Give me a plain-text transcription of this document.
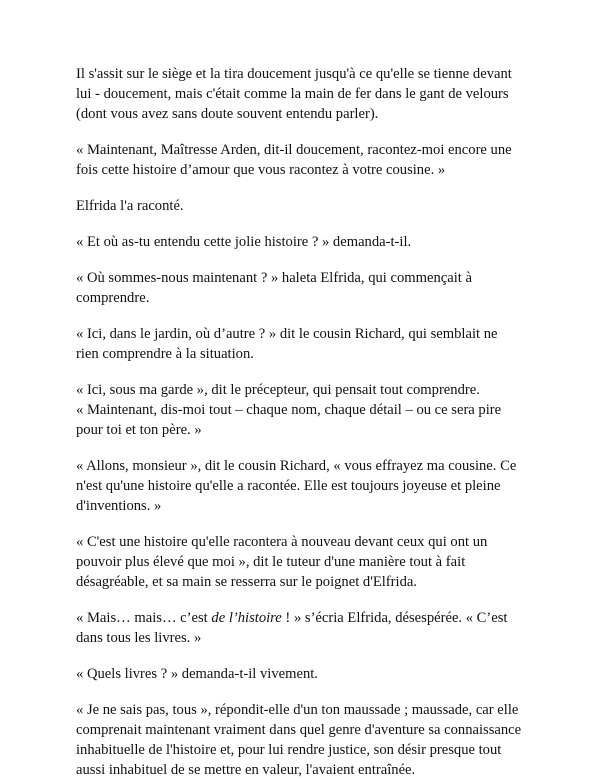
Il s'assit sur le siège et la tira doucement jusqu'à ce qu'elle se tienne devant
lui - doucement, mais c'était comme la main de fer dans le gant de velours
(dont vous avez sans doute souvent entendu parler).

« Maintenant, Maîtresse Arden, dit-il doucement, racontez-moi encore une
fois cette histoire d’amour que vous racontez à votre cousine. »

Elfrida l'a raconté.

« Et où as-tu entendu cette jolie histoire ? » demanda-t-il.

« Où sommes-nous maintenant ? » haleta Elfrida, qui commençait à
comprendre.

« Ici, dans le jardin, où d’autre ? » dit le cousin Richard, qui semblait ne
rien comprendre à la situation.

« Ici, sous ma garde », dit le précepteur, qui pensait tout comprendre.
« Maintenant, dis-moi tout – chaque nom, chaque détail – ou ce sera pire
pour toi et ton père. »

« Allons, monsieur », dit le cousin Richard, « vous effrayez ma cousine. Ce
n'est qu'une histoire qu'elle a racontée. Elle est toujours joyeuse et pleine
d'inventions. »

« C'est une histoire qu'elle racontera à nouveau devant ceux qui ont un
pouvoir plus élevé que moi », dit le tuteur d'une manière tout à fait
désagréable, et sa main se resserra sur le poignet d'Elfrida.

« Mais… mais… c’est de l’histoire ! » s’écria Elfrida, désespérée. « C’est
dans tous les livres. »

« Quels livres ? » demanda-t-il vivement.

« Je ne sais pas, tous », répondit-elle d'un ton maussade ; maussade, car elle
comprenait maintenant vraiment dans quel genre d'aventure sa connaissance
inhabituelle de l'histoire et, pour lui rendre justice, son désir presque tout
aussi inhabituel de se mettre en valeur, l'avaient entraînée.
